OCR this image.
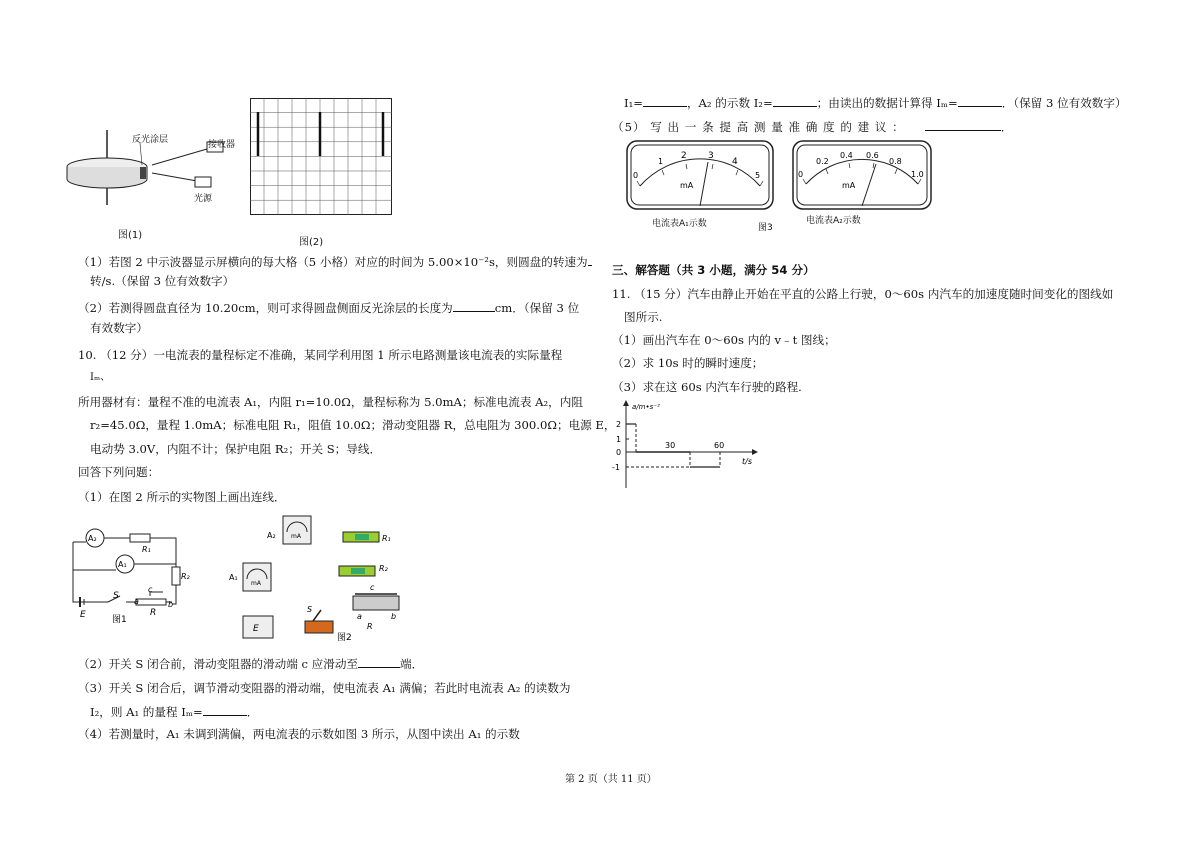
反光涂层	接收器
光源
图(1)
图(2)
（1）若图 2 中示波器显示屏横向的每大格（5 小格）对应的时间为 5.00×10⁻²s，则圆盘的转速为
转/s.（保留 3 位有效数字）
（2）若测得圆盘直径为 10.20cm，则可求得圆盘侧面反光涂层的长度为	cm．（保留 3 位
有效数字）
10. （12 分）一电流表的量程标定不准确，某同学利用图 1 所示电路测量该电流表的实际量程
Iₘ、
所用器材有：量程不准的电流表 A₁，内阻 r₁=10.0Ω，量程标称为 5.0mA；标准电流表 A₂，内阻
r₂=45.0Ω，量程 1.0mA；标准电阻 R₁，阻值 10.0Ω；滑动变阻器 R，总电阻为 300.0Ω；电源 E，
电动势 3.0V，内阻不计；保护电阻 R₂；开关 S；导线．
回答下列问题：
（1）在图 2 所示的实物图上画出连线．
A₂
A₁
R₁
R₂
E
S
c
a	b
R
图1
mA
A₂
mA
A₁
R₁
R₂
c
a	b
R
E
S
图2
（2）开关 S 闭合前，滑动变阻器的滑动端 c 应滑动至	端．
（3）开关 S 闭合后，调节滑动变阻器的滑动端，使电流表 A₁ 满偏；若此时电流表 A₂ 的读数为
I₂，则 A₁ 的量程 Iₘ=	．
（4）若测量时，A₁ 未调到满偏，两电流表的示数如图 3 所示，从图中读出 A₁ 的示数
I₁=	，A₂ 的示数 I₂=	；由读出的数据计算得 Iₘ=	．（保留 3 位有效数字）
（5） 写 出 一 条 提 高 测 量 准 确 度 的 建 议 ：	．
0
1
2 3
4
5
mA
电流表A₁示数	图3
0
0.2
0.4 0.6
0.8
1.0
mA
电流表A₂示数
三、解答题（共 3 小题，满分 54 分）
11. （15 分）汽车由静止开始在平直的公路上行驶，0～60s 内汽车的加速度随时间变化的图线如
图所示.
（1）画出汽车在 0～60s 内的 v﹣t 图线；
（2）求 10s 时的瞬时速度；
（3）求在这 60s 内汽车行驶的路程.
a/m•s⁻²
t/s
2
1
0
-1
30	60
第 2 页（共 11 页）
